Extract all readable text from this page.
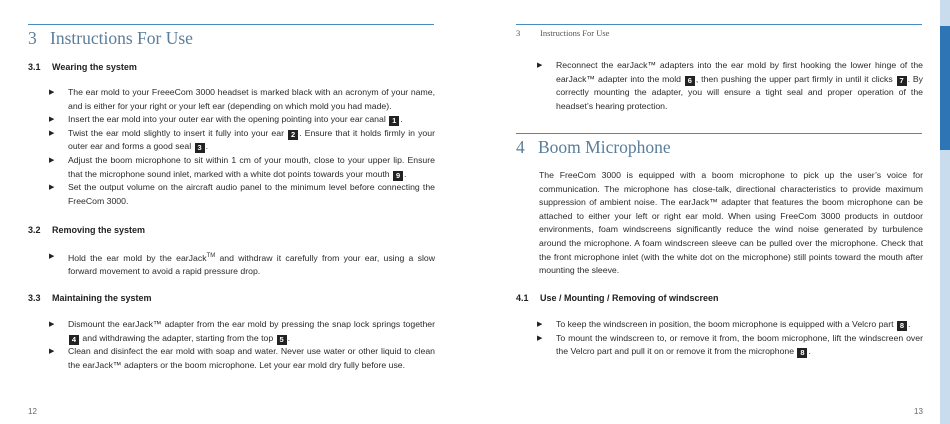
3 Instructions For Use
3.1 Wearing the system
▶ The ear mold to your FreeeCom 3000 headset is marked black with an acronym of your name, and is either for your right or your left ear (depending on which mold you had made).
▶ Insert the ear mold into your outer ear with the opening pointing into your ear canal 1 .
▶ Twist the ear mold slightly to insert it fully into your ear 2 . Ensure that it holds firmly in your outer ear and forms a good seal 3 .
▶ Adjust the boom microphone to sit within 1 cm of your mouth, close to your upper lip. Ensure that the microphone sound inlet, marked with a white dot points towards your mouth 9 .
▶ Set the output volume on the aircraft audio panel to the minimum level before connecting the FreeCom 3000.
3.2 Removing the system
▶ Hold the ear mold by the earJack™ and withdraw it carefully from your ear, using a slow forward movement to avoid a rapid pressure drop.
3.3 Maintaining the system
▶ Dismount the earJack™ adapter from the ear mold by pressing the snap lock springs together 4 and withdrawing the adapter, starting from the top 5 .
▶ Clean and disinfect the ear mold with soap and water. Never use water or other liquid to clean the earJack™ adapters or the boom microphone. Let your ear mold dry fully before use.
12
3 Instructions For Use
▶ Reconnect the earJack™ adapters into the ear mold by first hooking the lower hinge of the earJack™ adapter into the mold 6 , then pushing the upper part firmly in until it clicks 7 . By correctly mounting the adapter, you will ensure a tight seal and proper operation of the headset’s hearing protection.
4 Boom Microphone
The FreeCom 3000 is equipped with a boom microphone to pick up the user’s voice for communication. The microphone has close-talk, directional characteristics to provide maximum suppression of ambient noise. The earJack™ adapter that features the boom microphone can be attached to either your left or right ear mold. When using FreeCom 3000 products in outdoor environments, foam windscreens significantly reduce the wind noise generated by turbulence around the microphone. A foam windscreen sleeve can be pulled over the microphone. Check that the front microphone inlet (with the white dot on the microphone) still points toward the mouth after mounting the sleeve.
4.1 Use / Mounting / Removing of windscreen
▶ To keep the windscreen in position, the boom microphone is equipped with a Velcro part 8 .
▶ To mount the windscreen to, or remove it from, the boom microphone, lift the windscreen over the Velcro part and pull it on or remove it from the microphone 8 .
13
